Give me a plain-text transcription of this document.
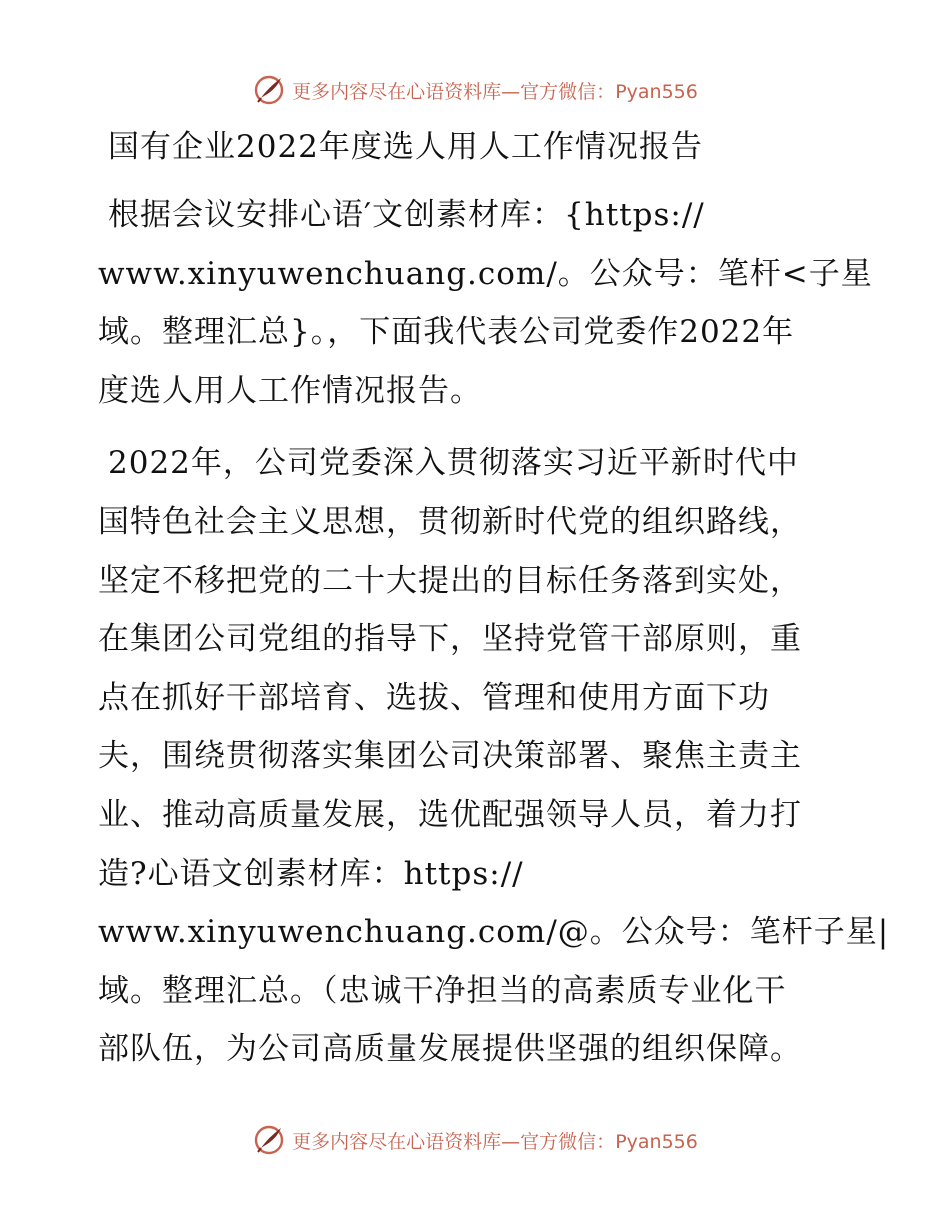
更多内容尽在心语资料库—官方微信：Pyan556
国有企业2022年度选人用人工作情况报告
根据会议安排心语′文创素材库：{https://
www.xinyuwenchuang.com/。公众号：笔杆<子星
域。整理汇总}。，下面我代表公司党委作2022年
度选人用人工作情况报告。
2022年，公司党委深入贯彻落实习近平新时代中
国特色社会主义思想，贯彻新时代党的组织路线，
坚定不移把党的二十大提出的目标任务落到实处，
在集团公司党组的指导下，坚持党管干部原则，重
点在抓好干部培育、选拔、管理和使用方面下功
夫，围绕贯彻落实集团公司决策部署、聚焦主责主
业、推动高质量发展，选优配强领导人员，着力打
造?心语文创素材库：https://
www.xinyuwenchuang.com/@。公众号：笔杆子星|
域。整理汇总。（忠诚干净担当的高素质专业化干
部队伍，为公司高质量发展提供坚强的组织保障。
更多内容尽在心语资料库—官方微信：Pyan556
